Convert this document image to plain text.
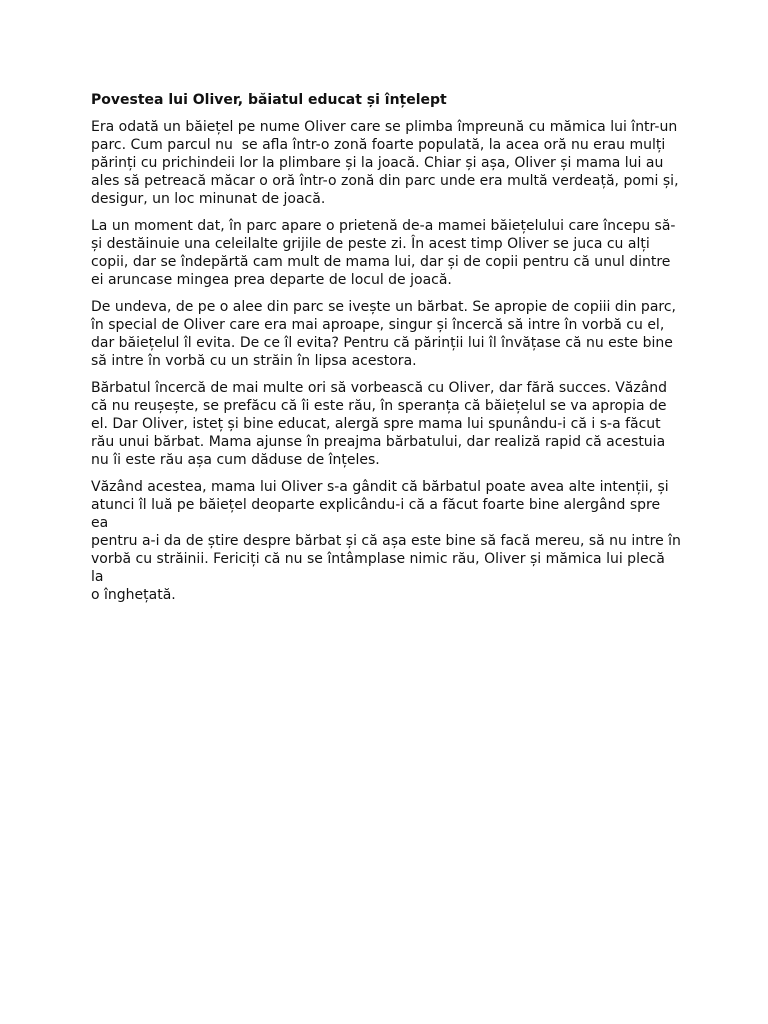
Povestea lui Oliver, băiatul educat și înțelept
Era odată un băiețel pe nume Oliver care se plimba împreună cu mămica lui într-un
parc. Cum parcul nu  se afla într-o zonă foarte populată, la acea oră nu erau mulți
părinți cu prichindeii lor la plimbare și la joacă. Chiar și așa, Oliver și mama lui au
ales să petreacă măcar o oră într-o zonă din parc unde era multă verdeață, pomi și,
desigur, un loc minunat de joacă.
La un moment dat, în parc apare o prietenă de-a mamei băiețelului care începu să-
și destăinuie una celeilalte grijile de peste zi. În acest timp Oliver se juca cu alți
copii, dar se îndepărtă cam mult de mama lui, dar și de copii pentru că unul dintre
ei aruncase mingea prea departe de locul de joacă.
De undeva, de pe o alee din parc se ivește un bărbat. Se apropie de copiii din parc,
în special de Oliver care era mai aproape, singur și încercă să intre în vorbă cu el,
dar băiețelul îl evita. De ce îl evita? Pentru că părinții lui îl învățase că nu este bine
să intre în vorbă cu un străin în lipsa acestora.
Bărbatul încercă de mai multe ori să vorbească cu Oliver, dar fără succes. Văzând
că nu reușește, se prefăcu că îi este rău, în speranța că băiețelul se va apropia de
el. Dar Oliver, isteț și bine educat, alergă spre mama lui spunându-i că i s-a făcut
rău unui bărbat. Mama ajunse în preajma bărbatului, dar realiză rapid că acestuia
nu îi este rău așa cum dăduse de înțeles.
Văzând acestea, mama lui Oliver s-a gândit că bărbatul poate avea alte intenții, și
atunci îl luă pe băiețel deoparte explicându-i că a făcut foarte bine alergând spre ea
pentru a-i da de știre despre bărbat și că așa este bine să facă mereu, să nu intre în
vorbă cu străinii. Fericiți că nu se întâmplase nimic rău, Oliver și mămica lui plecă la
o înghețată.
